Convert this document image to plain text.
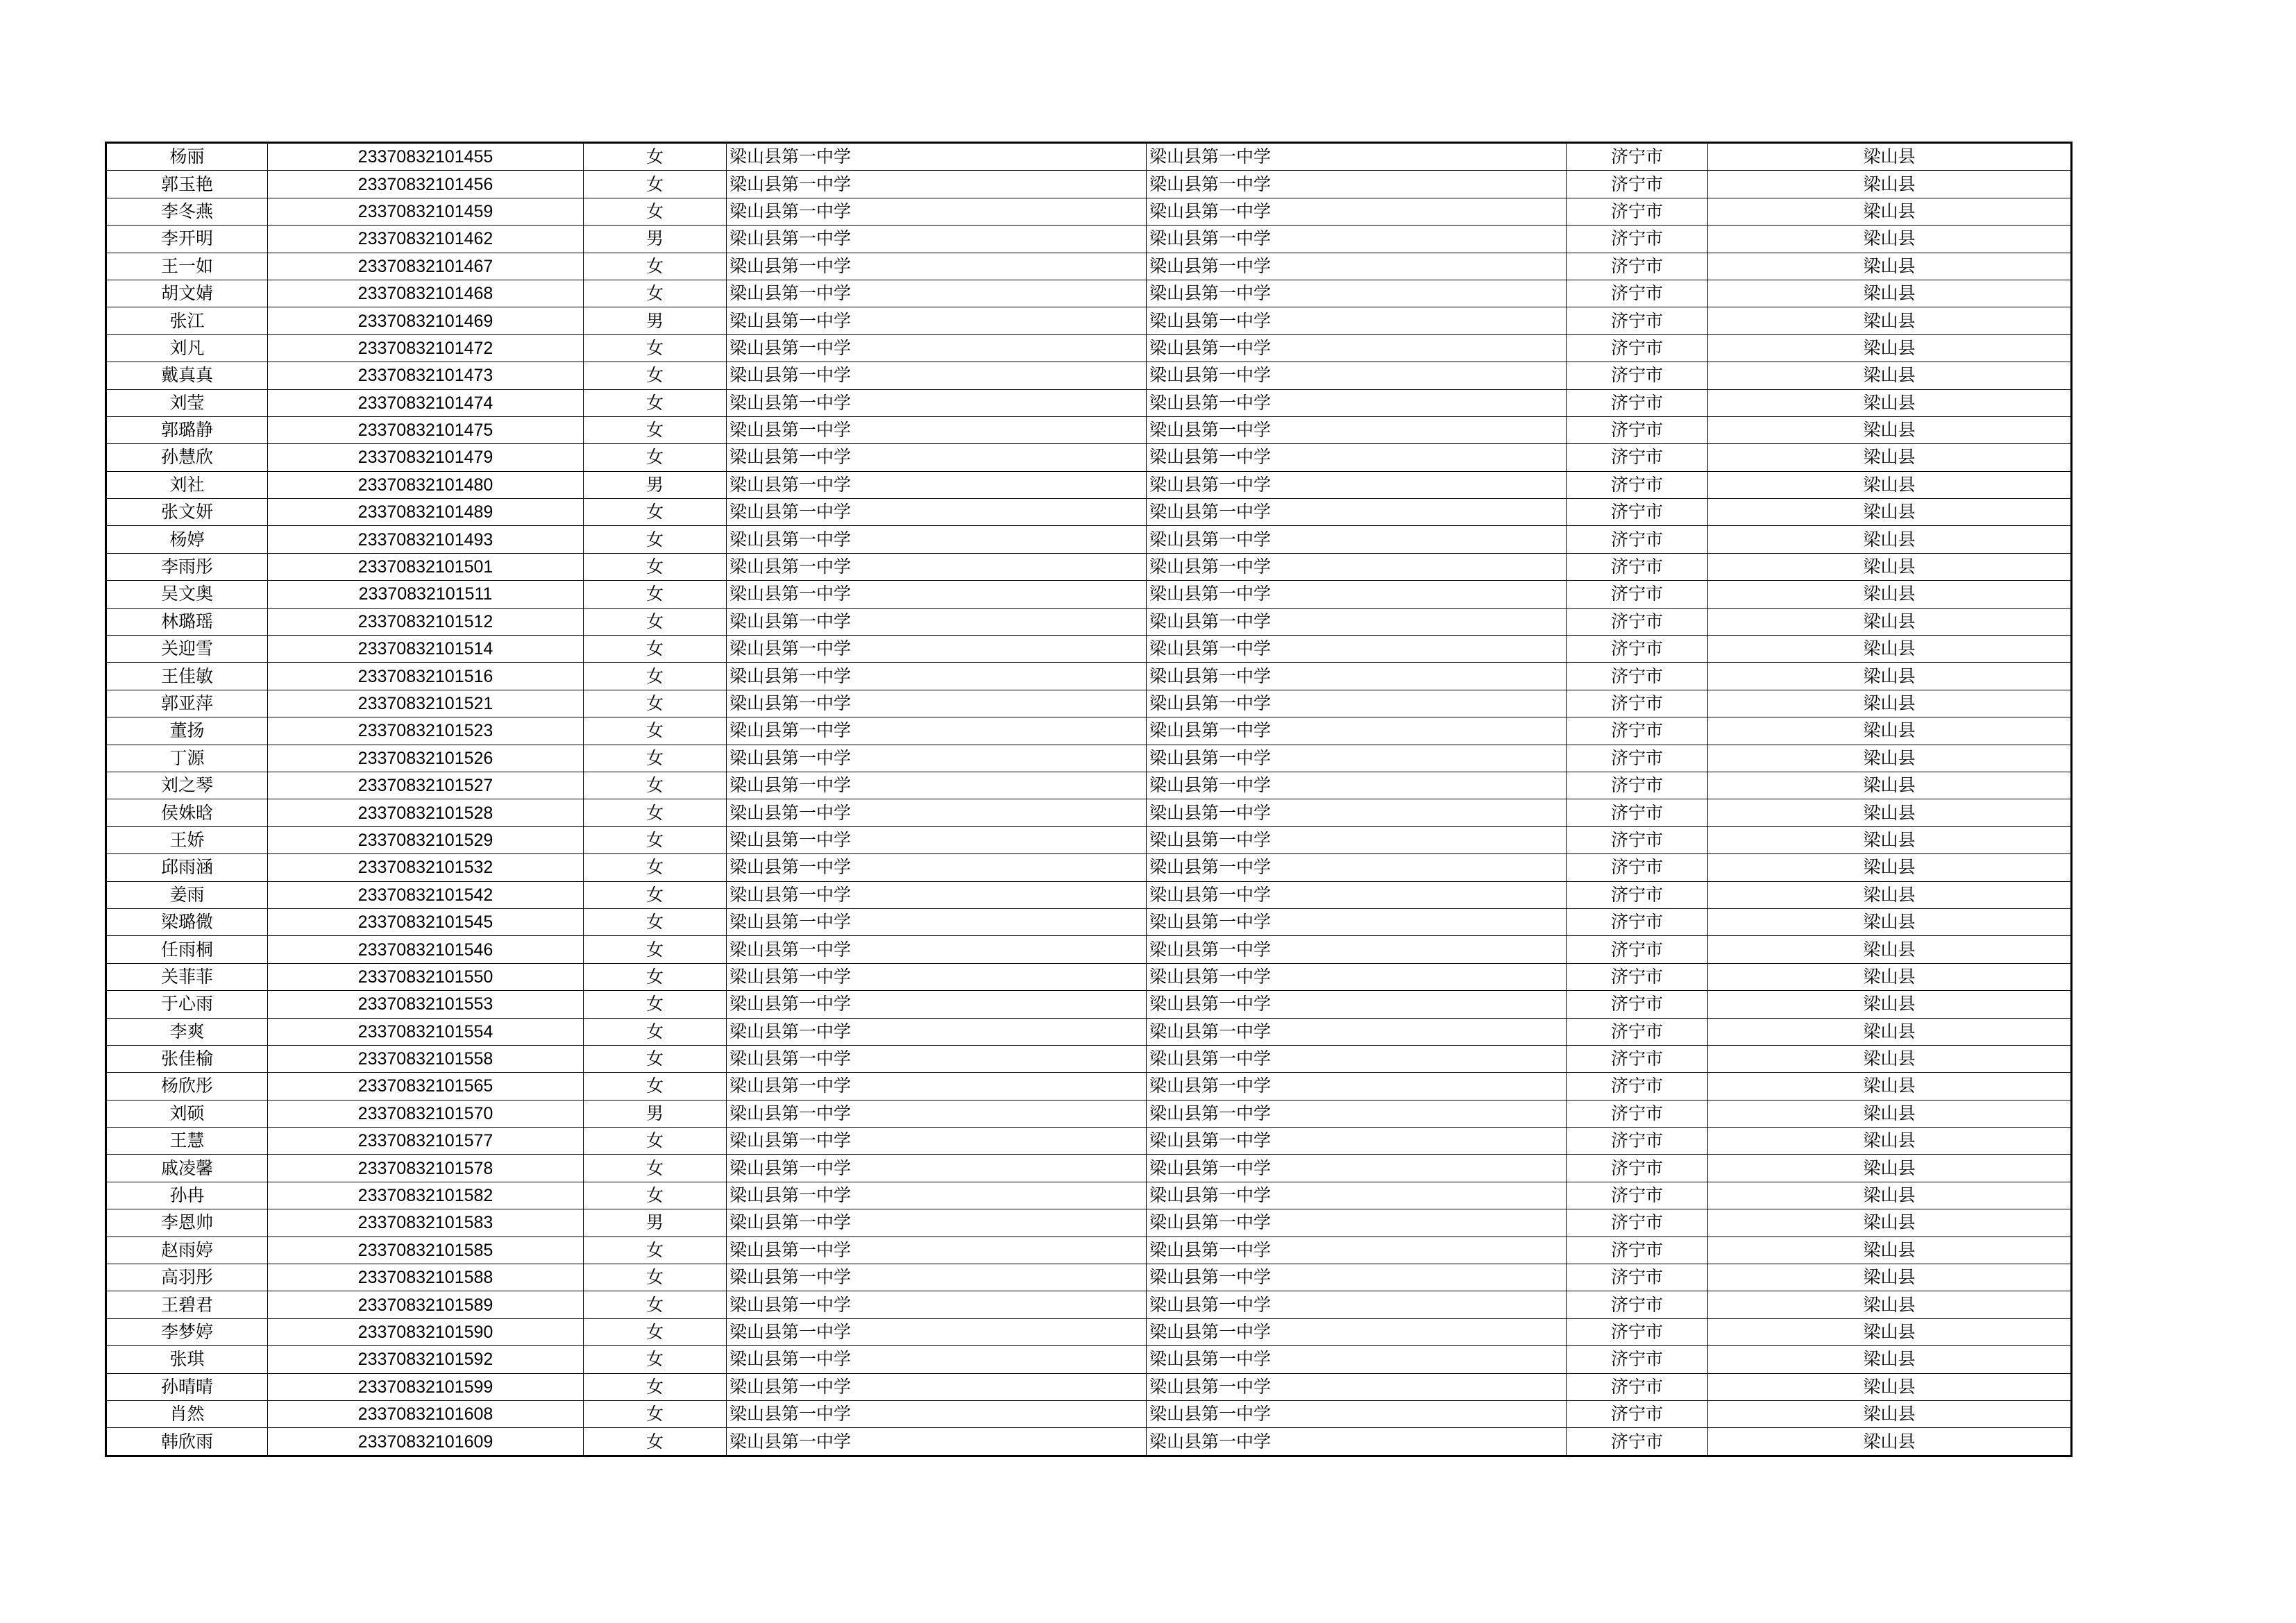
杨丽	23370832101455	女	梁山县第一中学	梁山县第一中学	济宁市	梁山县
郭玉艳	23370832101456	女	梁山县第一中学	梁山县第一中学	济宁市	梁山县
李冬燕	23370832101459	女	梁山县第一中学	梁山县第一中学	济宁市	梁山县
李开明	23370832101462	男	梁山县第一中学	梁山县第一中学	济宁市	梁山县
王一如	23370832101467	女	梁山县第一中学	梁山县第一中学	济宁市	梁山县
胡文婧	23370832101468	女	梁山县第一中学	梁山县第一中学	济宁市	梁山县
张江	23370832101469	男	梁山县第一中学	梁山县第一中学	济宁市	梁山县
刘凡	23370832101472	女	梁山县第一中学	梁山县第一中学	济宁市	梁山县
戴真真	23370832101473	女	梁山县第一中学	梁山县第一中学	济宁市	梁山县
刘莹	23370832101474	女	梁山县第一中学	梁山县第一中学	济宁市	梁山县
郭璐静	23370832101475	女	梁山县第一中学	梁山县第一中学	济宁市	梁山县
孙慧欣	23370832101479	女	梁山县第一中学	梁山县第一中学	济宁市	梁山县
刘社	23370832101480	男	梁山县第一中学	梁山县第一中学	济宁市	梁山县
张文妍	23370832101489	女	梁山县第一中学	梁山县第一中学	济宁市	梁山县
杨婷	23370832101493	女	梁山县第一中学	梁山县第一中学	济宁市	梁山县
李雨彤	23370832101501	女	梁山县第一中学	梁山县第一中学	济宁市	梁山县
吴文奥	23370832101511	女	梁山县第一中学	梁山县第一中学	济宁市	梁山县
林璐瑶	23370832101512	女	梁山县第一中学	梁山县第一中学	济宁市	梁山县
关迎雪	23370832101514	女	梁山县第一中学	梁山县第一中学	济宁市	梁山县
王佳敏	23370832101516	女	梁山县第一中学	梁山县第一中学	济宁市	梁山县
郭亚萍	23370832101521	女	梁山县第一中学	梁山县第一中学	济宁市	梁山县
董扬	23370832101523	女	梁山县第一中学	梁山县第一中学	济宁市	梁山县
丁源	23370832101526	女	梁山县第一中学	梁山县第一中学	济宁市	梁山县
刘之琴	23370832101527	女	梁山县第一中学	梁山县第一中学	济宁市	梁山县
侯姝晗	23370832101528	女	梁山县第一中学	梁山县第一中学	济宁市	梁山县
王娇	23370832101529	女	梁山县第一中学	梁山县第一中学	济宁市	梁山县
邱雨涵	23370832101532	女	梁山县第一中学	梁山县第一中学	济宁市	梁山县
姜雨	23370832101542	女	梁山县第一中学	梁山县第一中学	济宁市	梁山县
梁璐微	23370832101545	女	梁山县第一中学	梁山县第一中学	济宁市	梁山县
任雨桐	23370832101546	女	梁山县第一中学	梁山县第一中学	济宁市	梁山县
关菲菲	23370832101550	女	梁山县第一中学	梁山县第一中学	济宁市	梁山县
于心雨	23370832101553	女	梁山县第一中学	梁山县第一中学	济宁市	梁山县
李爽	23370832101554	女	梁山县第一中学	梁山县第一中学	济宁市	梁山县
张佳榆	23370832101558	女	梁山县第一中学	梁山县第一中学	济宁市	梁山县
杨欣彤	23370832101565	女	梁山县第一中学	梁山县第一中学	济宁市	梁山县
刘硕	23370832101570	男	梁山县第一中学	梁山县第一中学	济宁市	梁山县
王慧	23370832101577	女	梁山县第一中学	梁山县第一中学	济宁市	梁山县
戚凌馨	23370832101578	女	梁山县第一中学	梁山县第一中学	济宁市	梁山县
孙冉	23370832101582	女	梁山县第一中学	梁山县第一中学	济宁市	梁山县
李恩帅	23370832101583	男	梁山县第一中学	梁山县第一中学	济宁市	梁山县
赵雨婷	23370832101585	女	梁山县第一中学	梁山县第一中学	济宁市	梁山县
高羽彤	23370832101588	女	梁山县第一中学	梁山县第一中学	济宁市	梁山县
王碧君	23370832101589	女	梁山县第一中学	梁山县第一中学	济宁市	梁山县
李梦婷	23370832101590	女	梁山县第一中学	梁山县第一中学	济宁市	梁山县
张琪	23370832101592	女	梁山县第一中学	梁山县第一中学	济宁市	梁山县
孙晴晴	23370832101599	女	梁山县第一中学	梁山县第一中学	济宁市	梁山县
肖然	23370832101608	女	梁山县第一中学	梁山县第一中学	济宁市	梁山县
韩欣雨	23370832101609	女	梁山县第一中学	梁山县第一中学	济宁市	梁山县
